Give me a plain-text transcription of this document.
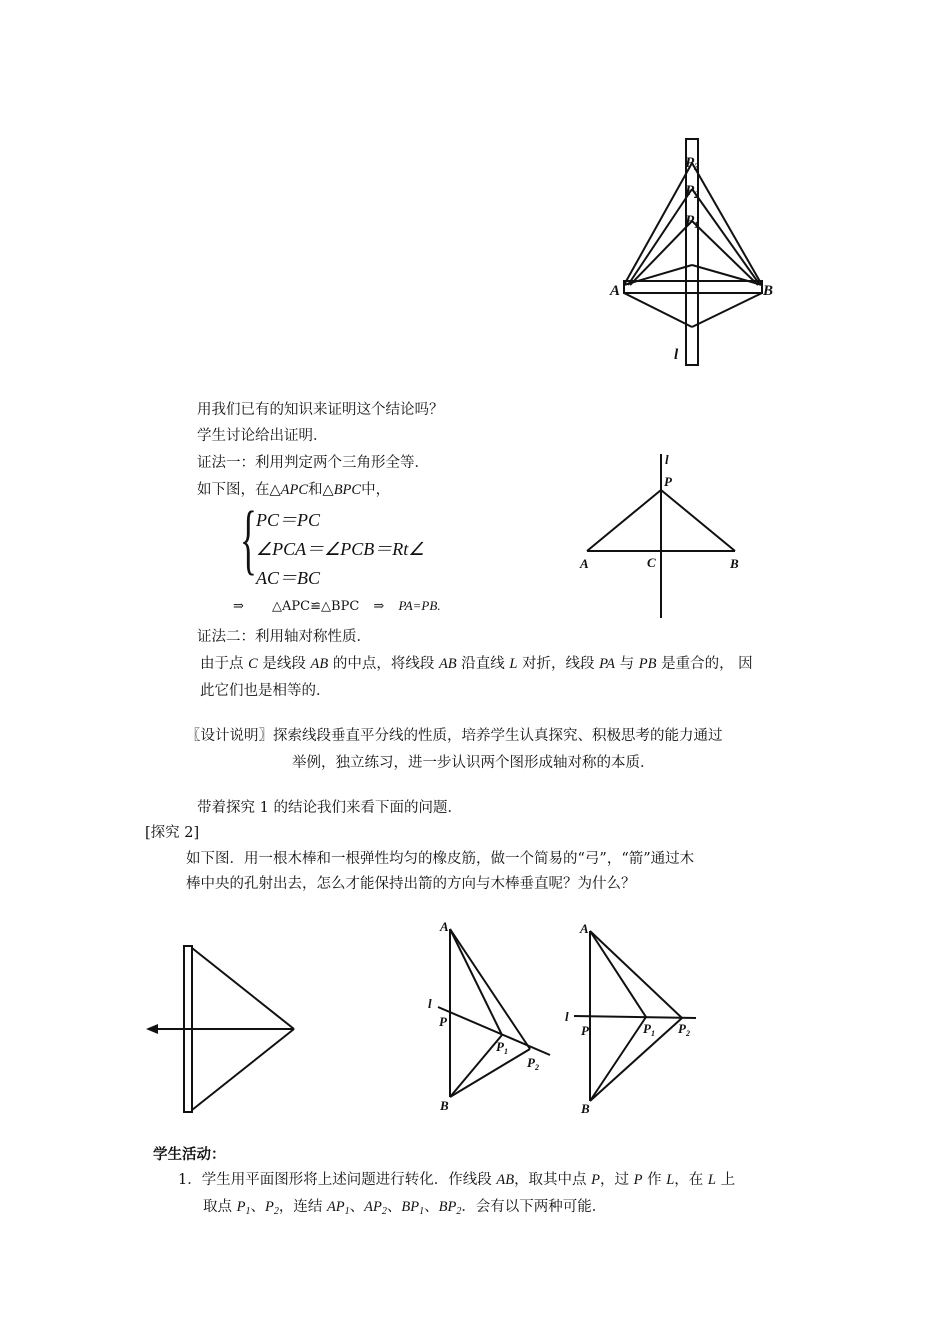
$P_3$
$P_2$
$P_1$
A	B
l
用我们已有的知识来证明这个结论吗？
学生讨论给出证明．
证法一：利用判定两个三角形全等．
如下图，在△APC和△BPC中，
{ PC＝PC
∠PCA＝∠PCB＝Rt∠
AC＝BC
⇒ △APC≌△BPC ⇒ PA=PB.
l
P
A	C	B
证法二：利用轴对称性质．
由于点 C 是线段 AB 的中点，将线段 AB 沿直线 L 对折，线段 PA 与 PB 是重合的， 因
此它们也是相等的．
〖设计说明〗探索线段垂直平分线的性质，培养学生认真探究、积极思考的能力通过
举例，独立练习，进一步认识两个图形成轴对称的本质．
带着探究 1 的结论我们来看下面的问题．
[探究 2]
如下图．用一根木棒和一根弹性均匀的橡皮筋，做一个简易的“弓”，“箭”通过木
棒中央的孔射出去，怎么才能保持出箭的方向与木棒垂直呢？为什么？
A
l
P
$P_1$
$P_2$
B
A
l
P	$P_1$ $P_2$
B
学生活动：
1．学生用平面图形将上述问题进行转化．作线段 AB，取其中点 P，过 P 作 L，在 L 上
取点 $P_1$、$P_2$，连结 $AP_1$、$AP_2$、$BP_1$、$BP_2$．会有以下两种可能．
